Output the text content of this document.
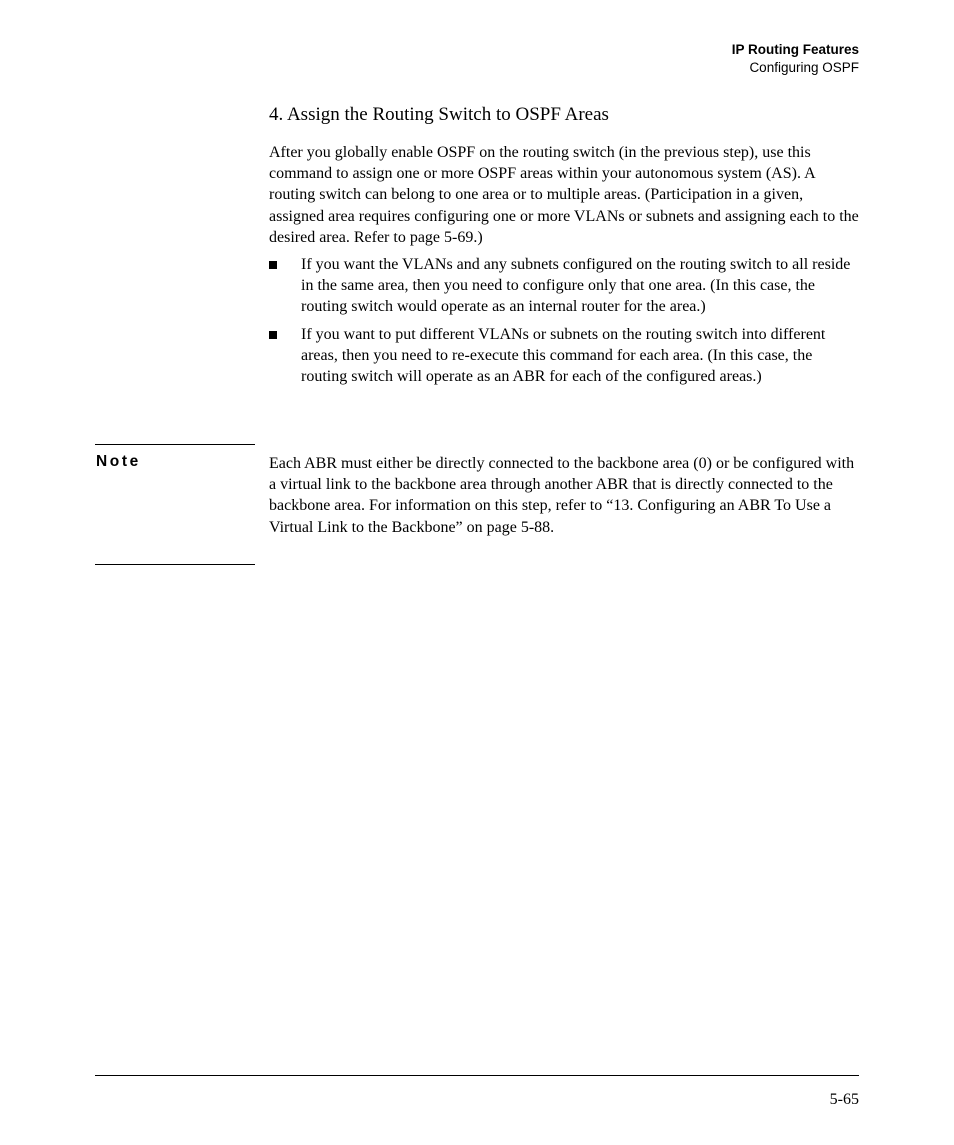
IP Routing Features
Configuring OSPF
4. Assign the Routing Switch to OSPF Areas

After you globally enable OSPF on the routing switch (in the previous step), use this command to assign one or more OSPF areas within your autonomous system (AS). A routing switch can belong to one area or to multiple areas. (Participation in a given, assigned area requires configuring one or more VLANs or subnets and assigning each to the desired area. Refer to page 5-69.)

If you want the VLANs and any subnets configured on the routing switch to all reside in the same area, then you need to configure only that one area. (In this case, the routing switch would operate as an internal router for the area.)
If you want to put different VLANs or subnets on the routing switch into different areas, then you need to re-execute this command for each area. (In this case, the routing switch will operate as an ABR for each of the configured areas.)
Note	Each ABR must either be directly connected to the backbone area (0) or be configured with a virtual link to the backbone area through another ABR that is directly connected to the backbone area. For information on this step, refer to “13. Configuring an ABR To Use a Virtual Link to the Backbone” on page 5-88.

5-65
